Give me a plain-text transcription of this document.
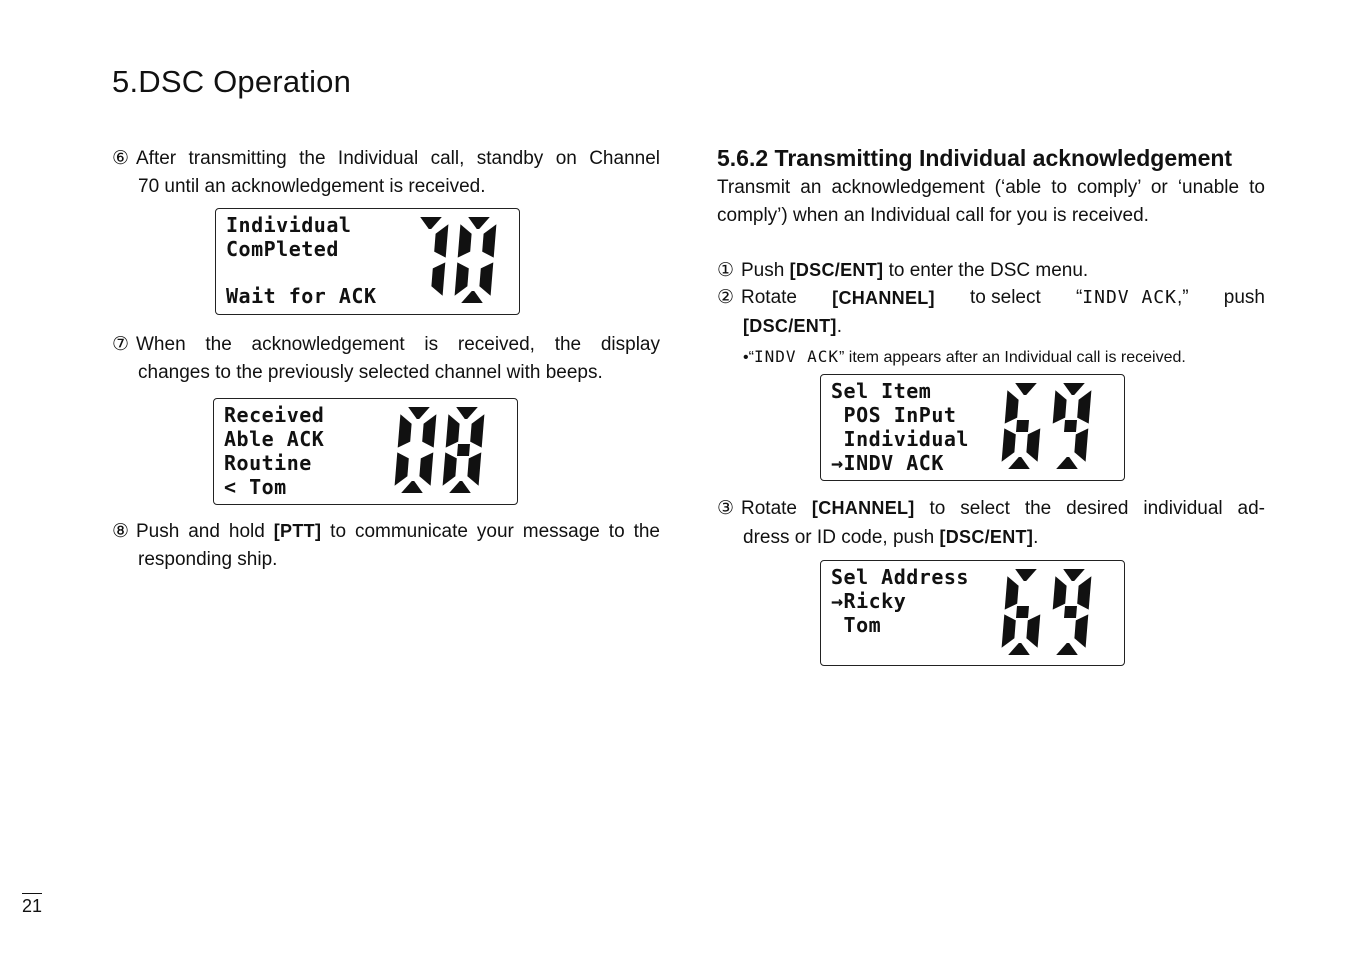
5.DSC Operation
⑥ After transmitting the Individual call, standby on Channel
70 until an acknowledgement is received.
Individual
ComPleted
Wait for ACK
⑦ When the acknowledgement is received, the display
changes to the previously selected channel with beeps.
Received
Able ACK
Routine
< Tom
⑧ Push and hold [PTT] to communicate your message to the
responding ship.
5.6.2 Transmitting Individual acknowledgement
Transmit an acknowledgement (‘able to comply’ or ‘unable to
comply’) when an Individual call for you is received.
① Push [DSC/ENT] to enter the DSC menu.
② Rotate [CHANNEL] to select “INDV ACK,” push
[DSC/ENT].
•“INDV ACK” item appears after an Individual call is received.
Sel Item
POS InPut
Individual
→INDV ACK
③ Rotate [CHANNEL] to select the desired individual ad-
dress or ID code, push [DSC/ENT].
Sel Address
→Ricky
Tom
21
